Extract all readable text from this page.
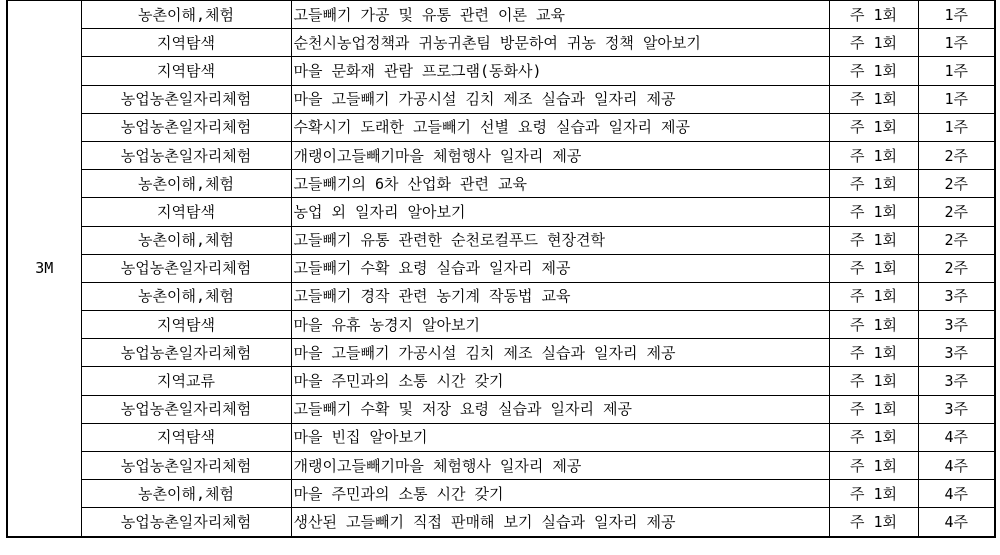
3M	농촌이해,체험	고들빼기 가공 및 유통 관련 이론 교육	주 1회	1주
	지역탐색	순천시농업정책과 귀농귀촌팀 방문하여 귀농 정책 알아보기	주 1회	1주
	지역탐색	마을 문화재 관람 프로그램(동화사)	주 1회	1주
	농업농촌일자리체험	마을 고들빼기 가공시설 김치 제조 실습과 일자리 제공	주 1회	1주
	농업농촌일자리체험	수확시기 도래한 고들빼기 선별 요령 실습과 일자리 제공	주 1회	1주
	농업농촌일자리체험	개랭이고들빼기마을 체험행사 일자리 제공	주 1회	2주
	농촌이해,체험	고들빼기의 6차 산업화 관련 교육	주 1회	2주
	지역탐색	농업 외 일자리 알아보기	주 1회	2주
	농촌이해,체험	고들빼기 유통 관련한 순천로컬푸드 현장견학	주 1회	2주
	농업농촌일자리체험	고들빼기 수확 요령 실습과 일자리 제공	주 1회	2주
	농촌이해,체험	고들빼기 경작 관련 농기계 작동법 교육	주 1회	3주
	지역탐색	마을 유휴 농경지 알아보기	주 1회	3주
	농업농촌일자리체험	마을 고들빼기 가공시설 김치 제조 실습과 일자리 제공	주 1회	3주
	지역교류	마을 주민과의 소통 시간 갖기	주 1회	3주
	농업농촌일자리체험	고들빼기 수확 및 저장 요령 실습과 일자리 제공	주 1회	3주
	지역탐색	마을 빈집 알아보기	주 1회	4주
	농업농촌일자리체험	개랭이고들빼기마을 체험행사 일자리 제공	주 1회	4주
	농촌이해,체험	마을 주민과의 소통 시간 갖기	주 1회	4주
	농업농촌일자리체험	생산된 고들빼기 직접 판매해 보기 실습과 일자리 제공	주 1회	4주
